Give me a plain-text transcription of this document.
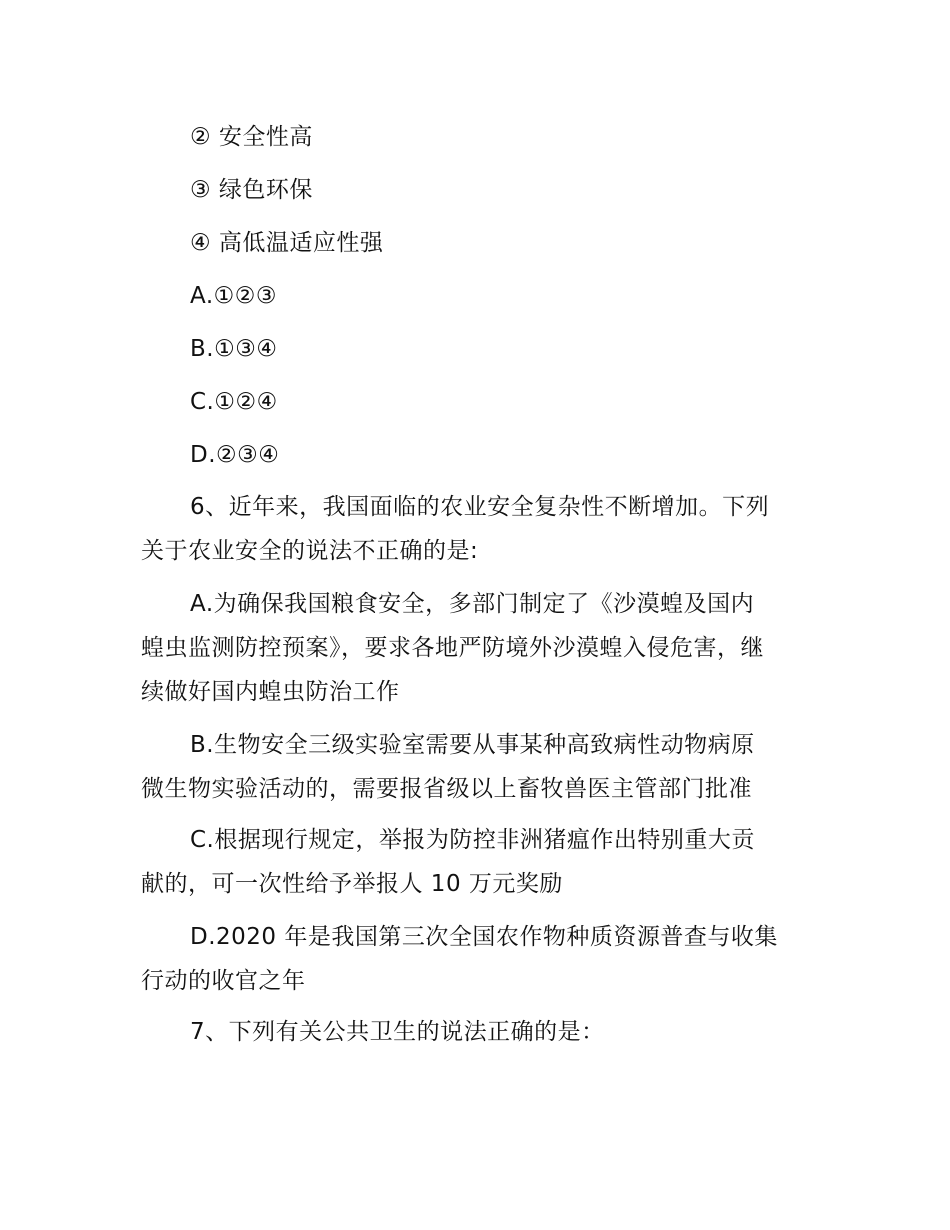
② 安全性高
③ 绿色环保
④ 高低温适应性强
A.①②③
B.①③④
C.①②④
D.②③④
6、近年来，我国面临的农业安全复杂性不断增加。下列
关于农业安全的说法不正确的是:
A.为确保我国粮食安全，多部门制定了《沙漠蝗及国内
蝗虫监测防控预案》，要求各地严防境外沙漠蝗入侵危害，继
续做好国内蝗虫防治工作
B.生物安全三级实验室需要从事某种高致病性动物病原
微生物实验活动的，需要报省级以上畜牧兽医主管部门批准
C.根据现行规定，举报为防控非洲猪瘟作出特别重大贡
献的，可一次性给予举报人 10 万元奖励
D.2020 年是我国第三次全国农作物种质资源普查与收集
行动的收官之年
7、下列有关公共卫生的说法正确的是：
